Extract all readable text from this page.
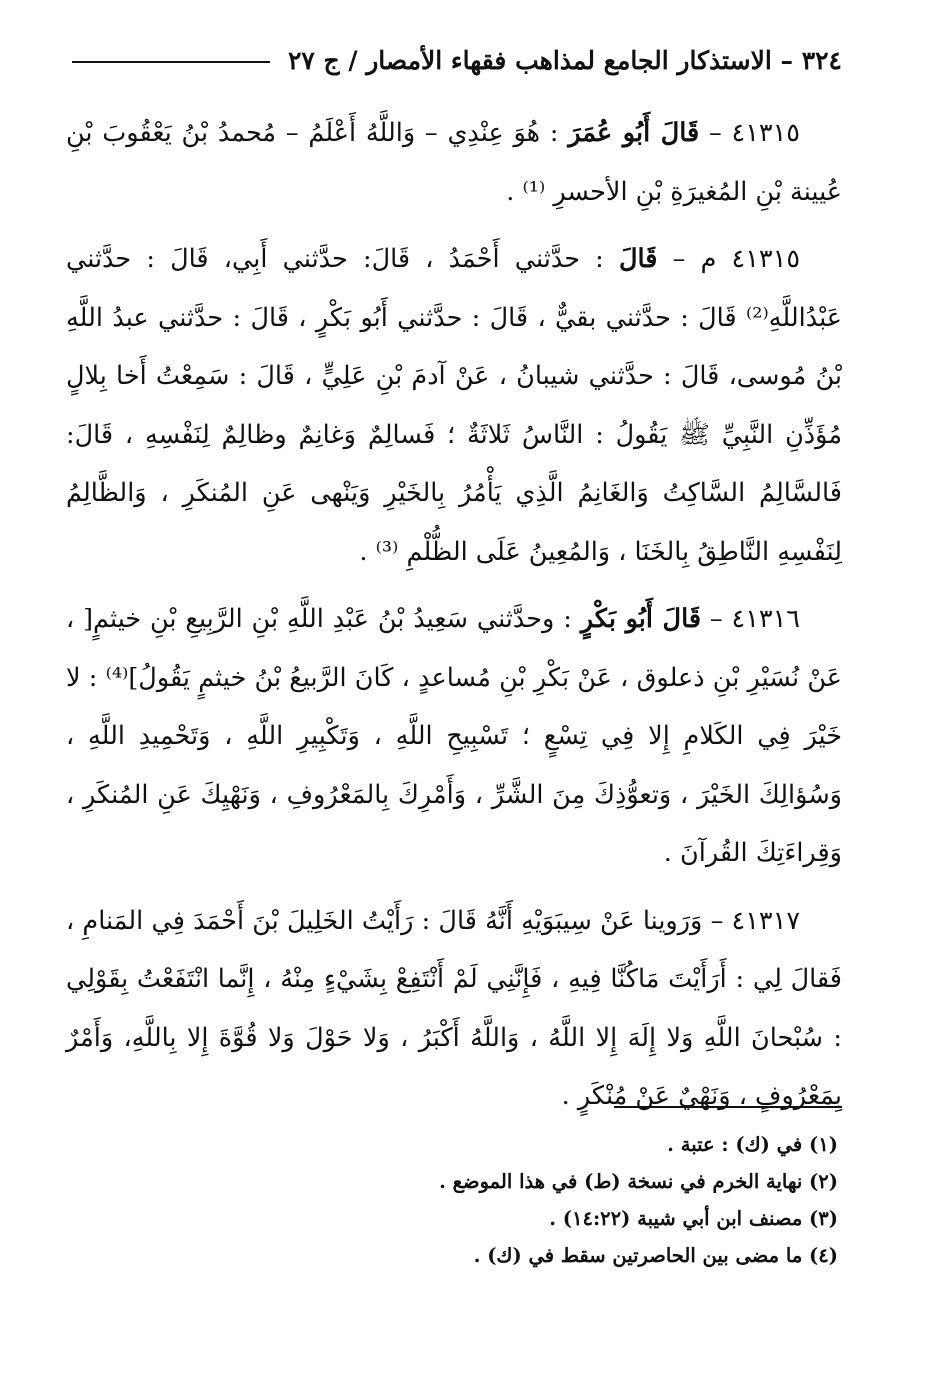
٣٢٤ – الاستذكار الجامع لمذاهب فقهاء الأمصار / ج ٢٧

٤١٣١٥ – قَالَ أَبُو عُمَرَ : هُوَ عِنْدِي – وَاللَّهُ أَعْلَمُ – مُحمدُ بْنُ يَعْقُوبَ بْنِ عُيينة بْنِ المُغيرَةِ بْنِ الأحسرِ ⁽¹⁾ .

٤١٣١٥ م – قَالَ : حدَّثني أَحْمَدُ ، قَالَ: حدَّثني أَبِي، قَالَ : حدَّثني عَبْدُاللَّهِ⁽²⁾ قَالَ : حدَّثني بقيٌّ ، قَالَ : حدَّثني أَبُو بَكْرٍ ، قَالَ : حدَّثني عبدُ اللَّهِ بْنُ مُوسى، قَالَ : حدَّثني شيبانُ ، عَنْ آدمَ بْنِ عَلِيٍّ ، قَالَ : سَمِعْتُ أَخا بِلالٍ مُؤَذِّنِ النَّبِيِّ ﷺ يَقُولُ : النَّاسُ ثَلاثَةٌ ؛ فَسالِمٌ وَغانِمٌ وظالِمٌ لِنَفْسِهِ ، قَالَ: فَالسَّالِمُ السَّاكِتُ وَالغَانِمُ الَّذِي يَأْمُرُ بِالخَيْرِ وَيَنْهى عَنِ المُنكَرِ ، وَالظَّالِمُ لِنَفْسِهِ النَّاطِقُ بِالخَنَا ، وَالمُعِينُ عَلَى الظُّلْمِ ⁽³⁾ .

٤١٣١٦ – قَالَ أَبُو بَكْرٍ : وحدَّثني سَعِيدُ بْنُ عَبْدِ اللَّهِ بْنِ الرَّبِيعِ بْنِ خيثمٍ[ ، عَنْ نُسَيْرِ بْنِ ذعلوق ، عَنْ بَكْرِ بْنِ مُساعدٍ ، كَانَ الرَّبيعُ بْنُ خيثمٍ يَقُولُ]⁽⁴⁾ : لا خَيْرَ فِي الكَلامِ إِلا فِي تِسْعٍ ؛ تَسْبِيحِ اللَّهِ ، وَتَكْبِيرِ اللَّهِ ، وَتَحْمِيدِ اللَّهِ ، وَسُؤالِكَ الخَيْرَ ، وَتعوُّذِكَ مِنَ الشَّرِّ ، وَأَمْرِكَ بِالمَعْرُوفِ ، وَنَهْيِكَ عَنِ المُنكَرِ ، وَقِراءَتِكَ القُرآنَ .

٤١٣١٧ – وَرَوينا عَنْ سِيبَوَيْهِ أَنَّهُ قَالَ : رَأَيْتُ الخَلِيلَ بْنَ أَحْمَدَ فِي المَنامِ ، فَقالَ لِي : أَرَأَيْتَ مَاكُنَّا فِيهِ ، فَإِنَّنِي لَمْ أَنْتَفِعْ بِشَيْءٍ مِنْهُ ، إِنَّما انْتَفَعْتُ بِقَوْلِي : سُبْحانَ اللَّهِ وَلا إِلَهَ إِلا اللَّهُ ، وَاللَّهُ أَكْبَرُ ، وَلا حَوْلَ وَلا قُوَّةَ إِلا بِاللَّهِ، وَأَمْرٌ بِمَعْرُوفٍ ، وَنَهْيٌ عَنْ مُنْكَرٍ .

(١) في (ك) : عتبة .
(٢) نهاية الخرم في نسخة (ط) في هذا الموضع .
(٣) مصنف ابن أبي شيبة (١٤:٢٢) .
(٤) ما مضى بين الحاصرتين سقط في (ك) .
